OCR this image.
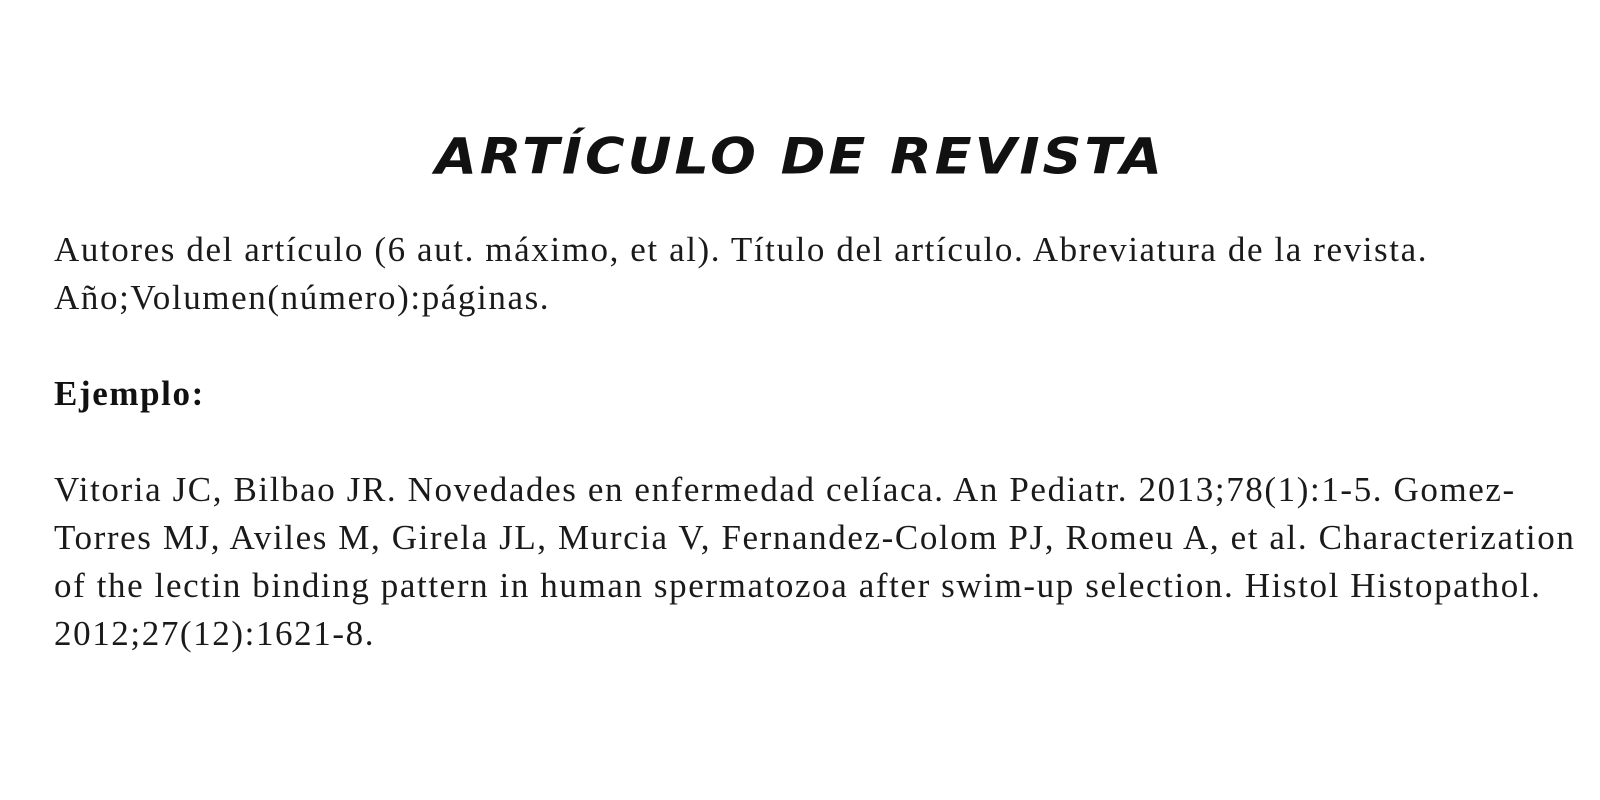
ARTÍCULO DE REVISTA

Autores del artículo (6 aut. máximo, et al). Título del artículo. Abreviatura de la revista. Año;Volumen(número):páginas.

Ejemplo:

Vitoria JC, Bilbao JR. Novedades en enfermedad celíaca. An Pediatr. 2013;78(1):1-5. Gomez-Torres MJ, Aviles M, Girela JL, Murcia V, Fernandez-Colom PJ, Romeu A, et al. Characterization of the lectin binding pattern in human spermatozoa after swim-up selection. Histol Histopathol. 2012;27(12):1621-8.
